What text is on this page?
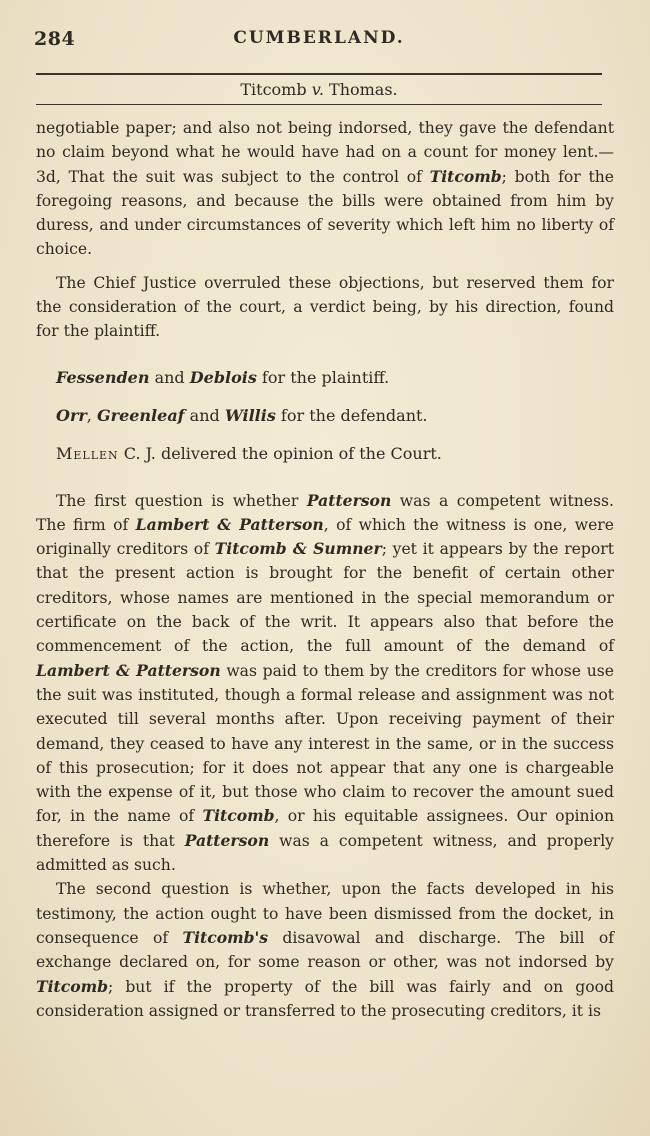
284	CUMBERLAND.
Titcomb v. Thomas.

negotiable paper; and also not being indorsed, they gave the defendant no claim beyond what he would have had on a count for money lent.—3d, That the suit was subject to the control of Titcomb; both for the foregoing reasons, and because the bills were obtained from him by duress, and under circumstances of severity which left him no liberty of choice.

The Chief Justice overruled these objections, but reserved them for the consideration of the court, a verdict being, by his direction, found for the plaintiff.

Fessenden and Deblois for the plaintiff.

Orr, Greenleaf and Willis for the defendant.

Mellen C. J. delivered the opinion of the Court.

The first question is whether Patterson was a competent witness. The firm of Lambert & Patterson, of which the witness is one, were originally creditors of Titcomb & Sumner; yet it appears by the report that the present action is brought for the benefit of certain other creditors, whose names are mentioned in the special memorandum or certificate on the back of the writ. It appears also that before the commencement of the action, the full amount of the demand of Lambert & Patterson was paid to them by the creditors for whose use the suit was instituted, though a formal release and assignment was not executed till several months after. Upon receiving payment of their demand, they ceased to have any interest in the same, or in the success of this prosecution; for it does not appear that any one is chargeable with the expense of it, but those who claim to recover the amount sued for, in the name of Titcomb, or his equitable assignees. Our opinion therefore is that Patterson was a competent witness, and properly admitted as such.

The second question is whether, upon the facts developed in his testimony, the action ought to have been dismissed from the docket, in consequence of Titcomb's disavowal and discharge. The bill of exchange declared on, for some reason or other, was not indorsed by Titcomb; but if the property of the bill was fairly and on good consideration assigned or transferred to the prosecuting creditors, it is
